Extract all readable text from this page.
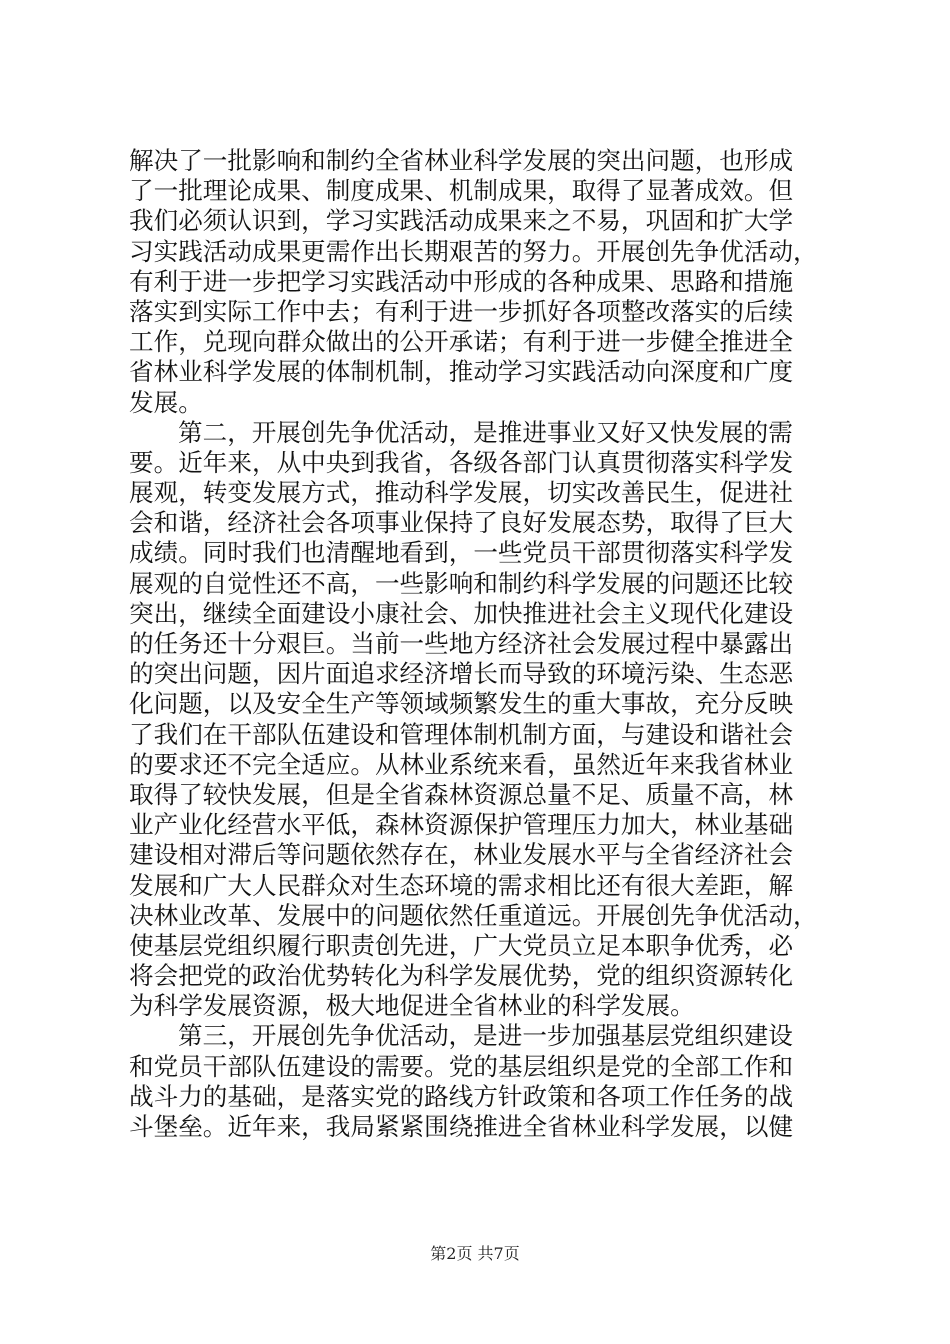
解决了一批影响和制约全省林业科学发展的突出问题，也形成
了一批理论成果、制度成果、机制成果，取得了显著成效。但
我们必须认识到，学习实践活动成果来之不易，巩固和扩大学
习实践活动成果更需作出长期艰苦的努力。开展创先争优活动，
有利于进一步把学习实践活动中形成的各种成果、思路和措施
落实到实际工作中去；有利于进一步抓好各项整改落实的后续
工作，兑现向群众做出的公开承诺；有利于进一步健全推进全
省林业科学发展的体制机制，推动学习实践活动向深度和广度
发展。
第二，开展创先争优活动，是推进事业又好又快发展的需
要。近年来，从中央到我省，各级各部门认真贯彻落实科学发
展观，转变发展方式，推动科学发展，切实改善民生，促进社
会和谐，经济社会各项事业保持了良好发展态势，取得了巨大
成绩。同时我们也清醒地看到，一些党员干部贯彻落实科学发
展观的自觉性还不高，一些影响和制约科学发展的问题还比较
突出，继续全面建设小康社会、加快推进社会主义现代化建设
的任务还十分艰巨。当前一些地方经济社会发展过程中暴露出
的突出问题，因片面追求经济增长而导致的环境污染、生态恶
化问题，以及安全生产等领域频繁发生的重大事故，充分反映
了我们在干部队伍建设和管理体制机制方面，与建设和谐社会
的要求还不完全适应。从林业系统来看，虽然近年来我省林业
取得了较快发展，但是全省森林资源总量不足、质量不高，林
业产业化经营水平低，森林资源保护管理压力加大，林业基础
建设相对滞后等问题依然存在，林业发展水平与全省经济社会
发展和广大人民群众对生态环境的需求相比还有很大差距，解
决林业改革、发展中的问题依然任重道远。开展创先争优活动，
使基层党组织履行职责创先进，广大党员立足本职争优秀，必
将会把党的政治优势转化为科学发展优势，党的组织资源转化
为科学发展资源，极大地促进全省林业的科学发展。
第三，开展创先争优活动，是进一步加强基层党组织建设
和党员干部队伍建设的需要。党的基层组织是党的全部工作和
战斗力的基础，是落实党的路线方针政策和各项工作任务的战
斗堡垒。近年来，我局紧紧围绕推进全省林业科学发展，以健
第2页 共7页
